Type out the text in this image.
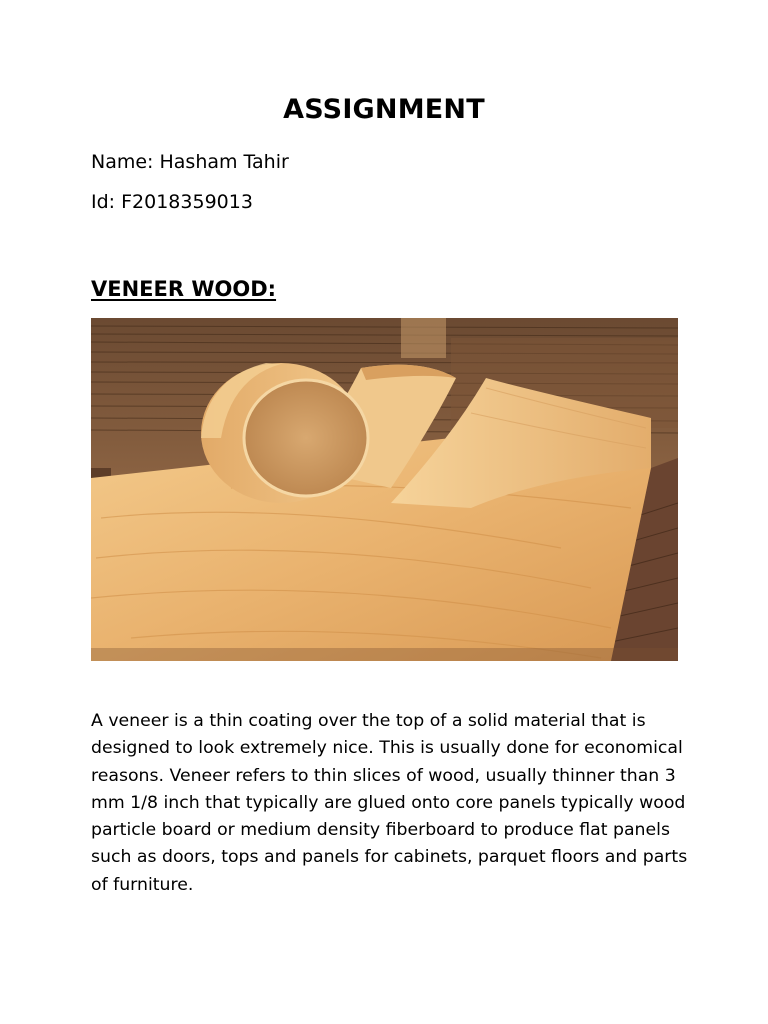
ASSIGNMENT
Name: Hasham Tahir
Id: F2018359013
VENEER WOOD:
A veneer is a thin coating over the top of a solid material that is designed to look extremely nice. This is usually done for economical reasons. Veneer refers to thin slices of wood, usually thinner than 3 mm 1/8 inch that typically are glued onto core panels typically wood particle board or medium density fiberboard to produce flat panels such as doors, tops and panels for cabinets, parquet floors and parts of furniture.
